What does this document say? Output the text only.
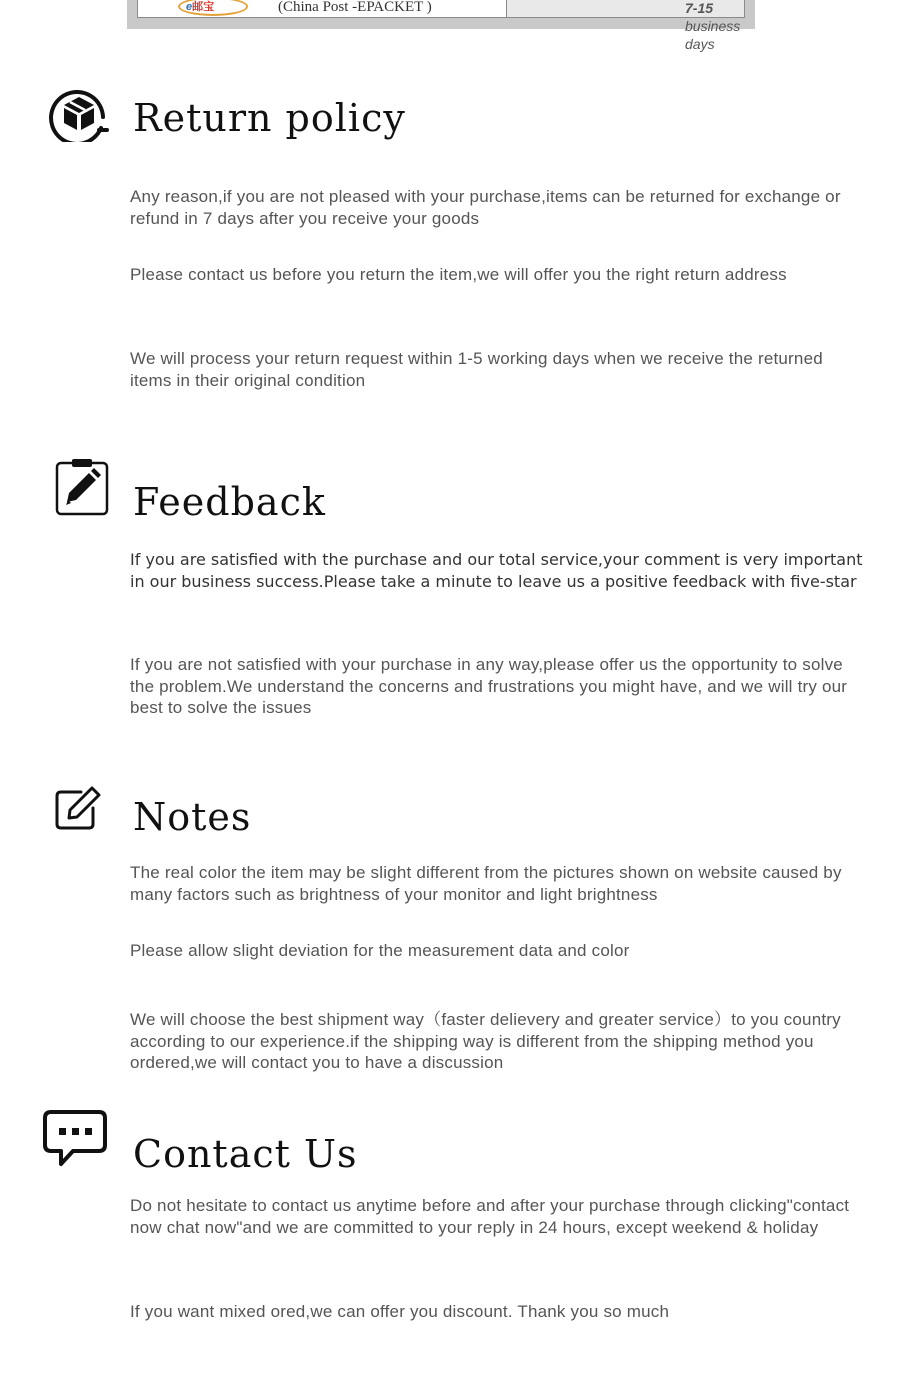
e邮宝	(China Post -EPACKET )	7-15 business days
Return policy

Any reason,if you are not pleased with your purchase,items can be returned for exchange or refund in 7 days after you receive your goods

Please contact us before you return the item,we will offer you the right return address

We will process your return request within 1-5 working days when we receive the returned items in their original condition

Feedback

If you are satisfied with the purchase and our total service,your comment is very important in our business success.Please take a minute to leave us a positive feedback with five-star

If you are not satisfied with your purchase in any way,please offer us the opportunity to solve the problem.We understand the concerns and frustrations you might have, and we will try our best to solve the issues

Notes

The real color the item may be slight different from the pictures shown on website caused by many factors such as brightness of your monitor and light brightness

Please allow slight deviation for the measurement data and color

We will choose the best shipment way（faster delievery and greater service）to you country according to our experience.if the shipping way is different from the shipping method you ordered,we will contact you to have a discussion

Contact Us

Do not hesitate to contact us anytime before and after your purchase through clicking"contact now chat now"and we are committed to your reply in 24 hours, except weekend & holiday

If you want mixed ored,we can offer you discount. Thank you so much
